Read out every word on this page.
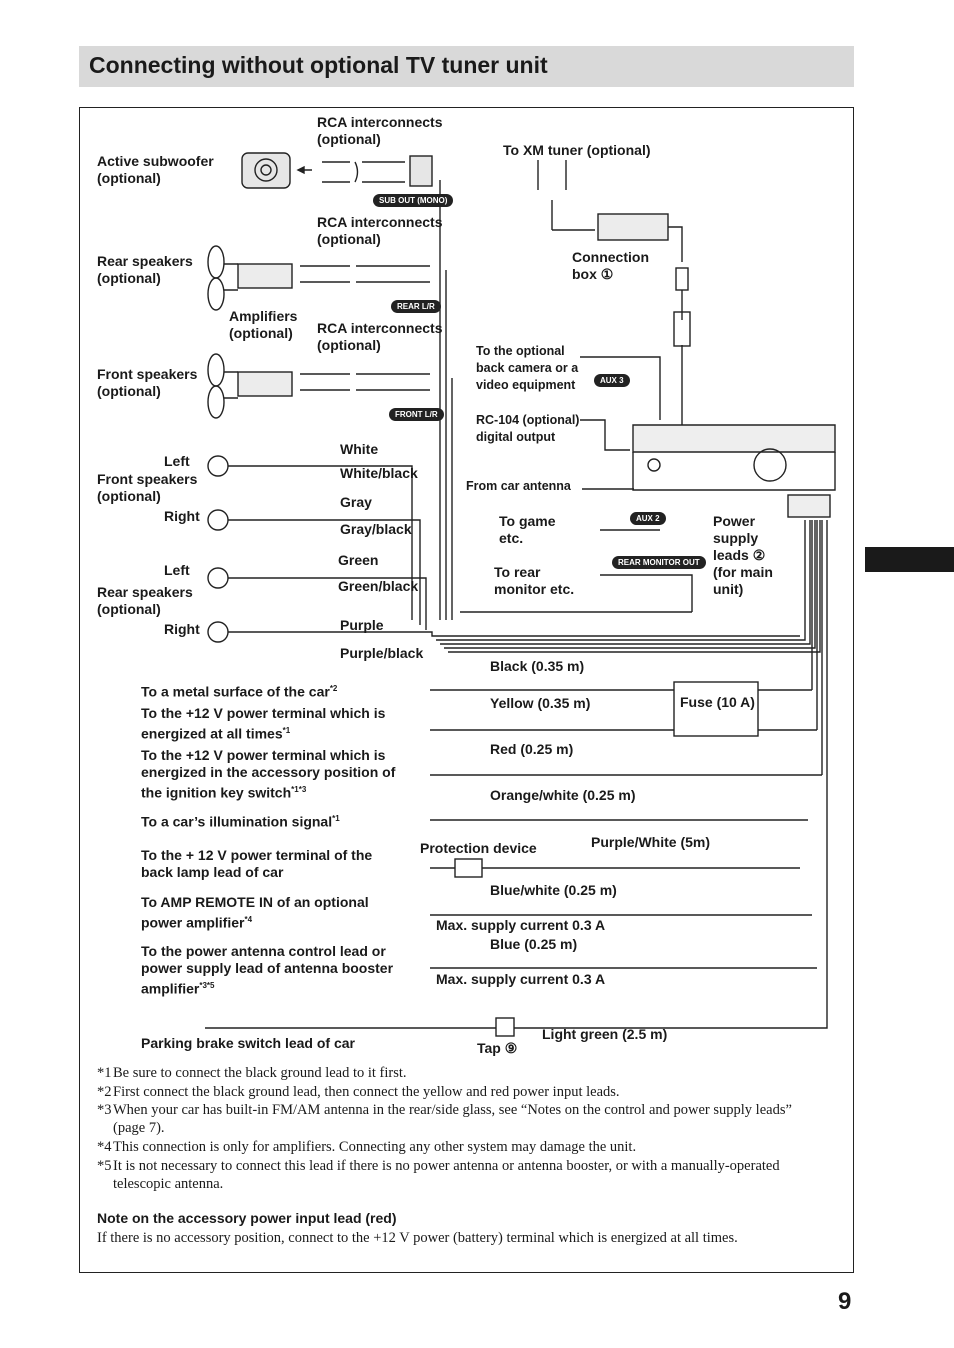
Connecting without optional TV tuner unit
Active subwoofer
(optional)
RCA interconnects
(optional)
RCA interconnects
(optional)
RCA interconnects
(optional)
Rear speakers
(optional)
Amplifiers
(optional)
Front speakers
(optional)
To XM tuner (optional)
Connection
box ①
To the optional
back camera or a
video equipment
RC-104 (optional)
digital output
From car antenna
To game
etc.
To rear
monitor etc.
Power
supply
leads ②
(for main
unit)
Left
Front speakers
(optional)
Right
Left
Rear speakers
(optional)
Right
White
White/black
Gray
Gray/black
Green
Green/black
Purple
Purple/black
SUB OUT (MONO)
REAR L/R
FRONT L/R
AUX 3
AUX 2
REAR MONITOR OUT
Black (0.35 m)
Yellow (0.35 m)	Fuse (10 A)
Red (0.25 m)
Orange/white (0.25 m)
Protection device	Purple/White (5m)
Blue/white (0.25 m)
Max. supply current 0.3 A
Blue (0.25 m)
Max. supply current 0.3 A
To a metal surface of the car$^{*2}$
To the +12 V power terminal which is
energized at all times$^{*1}$
To the +12 V power terminal which is
energized in the accessory position of
the ignition key switch$^{*1*3}$
To a car’s illumination signal$^{*1}$
To the + 12 V power terminal of the
back lamp lead of car
To AMP REMOTE IN of an optional
power amplifier$^{*4}$
To the power antenna control lead or
power supply lead of antenna booster
amplifier$^{*3*5}$
Parking brake switch lead of car	Tap ⑨
Light green (2.5 m)
*1 Be sure to connect the black ground lead to it first.
*2 First connect the black ground lead, then connect the yellow and red power input leads.
*3 When your car has built-in FM/AM antenna in the rear/side glass, see “Notes on the control and power supply leads” (page 7).
*4 This connection is only for amplifiers. Connecting any other system may damage the unit.
*5 It is not necessary to connect this lead if there is no power antenna or antenna booster, or with a manually-operated telescopic antenna.
Note on the accessory power input lead (red)
If there is no accessory position, connect to the +12 V power (battery) terminal which is energized at all times.
9
